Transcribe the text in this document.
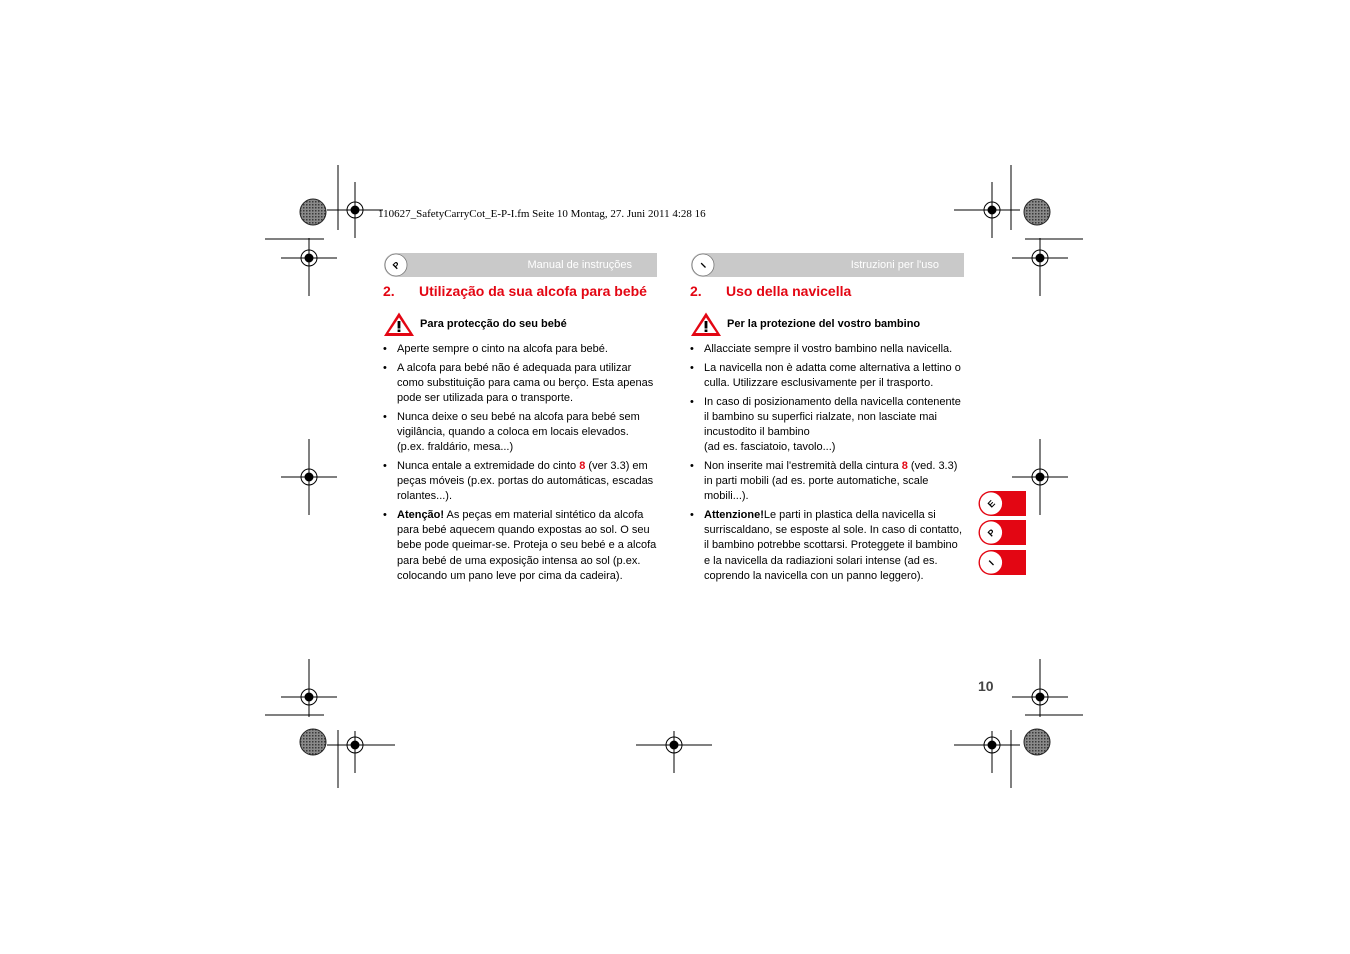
110627_SafetyCarryCot_E-P-I.fm Seite 10 Montag, 27. Juni 2011 4:28 16
P	Manual de instruções
2. Utilização da sua alcofa para bebé
Para protecção do seu bebé
• Aperte sempre o cinto na alcofa para bebé.
• A alcofa para bebé não é adequada para utilizar como substituição para cama ou berço. Esta apenas pode ser utilizada para o transporte.
• Nunca deixe o seu bebé na alcofa para bebé sem vigilância, quando a coloca em locais elevados.
(p.ex. fraldário, mesa...)
• Nunca entale a extremidade do cinto 8 (ver 3.3) em peças móveis (p.ex. portas do automáticas, escadas rolantes...).
• Atenção! As peças em material sintético da alcofa para bebé aquecem quando expostas ao sol. O seu bebe pode queimar-se. Proteja o seu bebé e a alcofa para bebé de uma exposição intensa ao sol (p.ex. colocando um pano leve por cima da cadeira).
I	Istruzioni per l'uso
2. Uso della navicella
Per la protezione del vostro bambino
• Allacciate sempre il vostro bambino nella navicella.
• La navicella non è adatta come alternativa a lettino o culla. Utilizzare esclusivamente per il trasporto.
• In caso di posizionamento della navicella contenente il bambino su superfici rialzate, non lasciate mai incustodito il bambino
(ad es. fasciatoio, tavolo...)
• Non inserite mai l'estremità della cintura 8 (ved. 3.3) in parti mobili (ad es. porte automatiche, scale mobili...).
• Attenzione!Le parti in plastica della navicella si surriscaldano, se esposte al sole. In caso di contatto, il bambino potrebbe scottarsi. Proteggete il bambino e la navicella da radiazioni solari intense (ad es. coprendo la navicella con un panno leggero).
E
P
I
10
